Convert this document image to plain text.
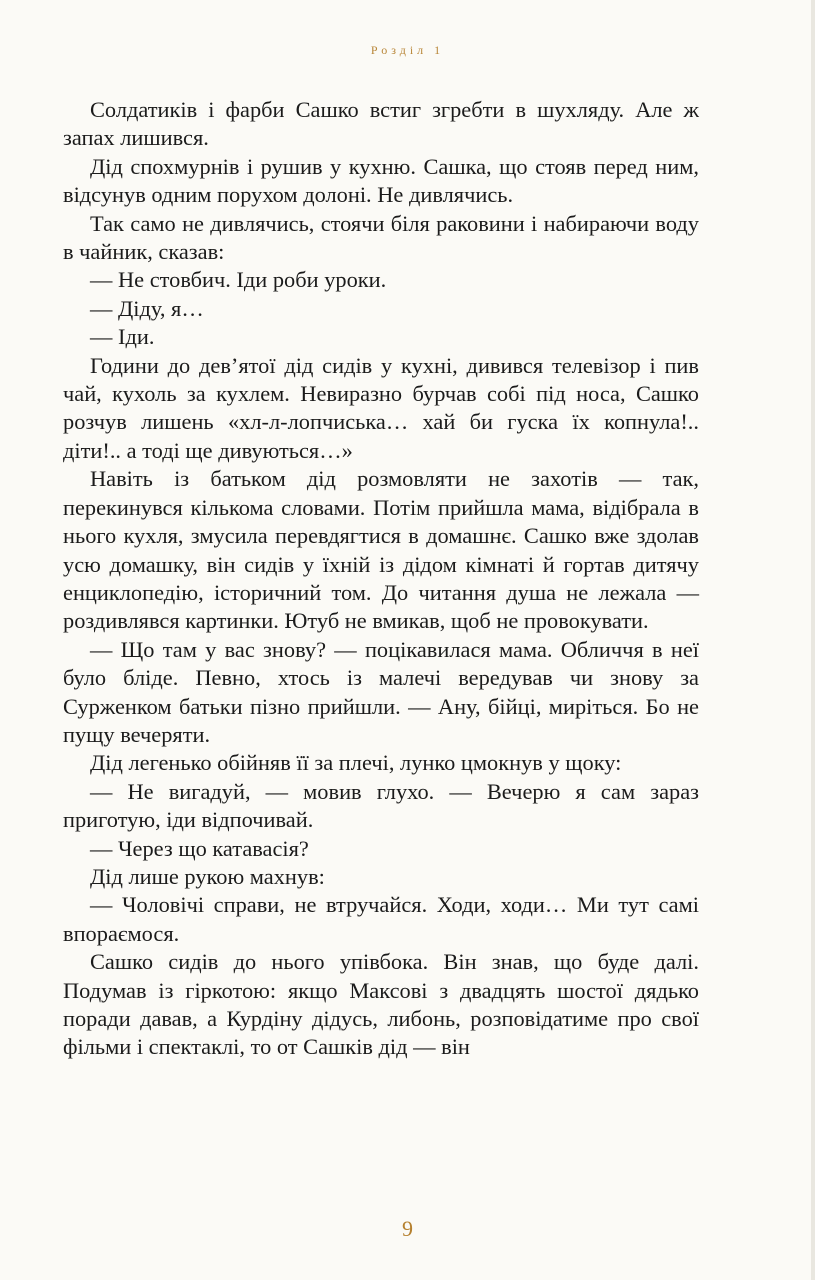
Розділ 1

Солдатиків і фарби Сашко встиг згребти в шухляду. Але ж запах лишився.

Дід спохмурнів і рушив у кухню. Сашка, що стояв перед ним, відсунув одним порухом долоні. Не дивлячись.

Так само не дивлячись, стоячи біля раковини і набираючи воду в чайник, сказав:

— Не стовбич. Іди роби уроки.

— Діду, я…

— Іди.

Години до дев’ятої дід сидів у кухні, дивився телевізор і пив чай, кухоль за кухлем. Невиразно бурчав собі під носа, Сашко розчув лишень «хл-л-лопчиська… хай би гуска їх копнула!.. діти!.. а тоді ще дивуються…»

Навіть із батьком дід розмовляти не захотів — так, перекинувся кількома словами. Потім прийшла мама, відібрала в нього кухля, змусила перевдягтися в домашнє. Сашко вже здолав усю домашку, він сидів у їхній із дідом кімнаті й гортав дитячу енциклопедію, історичний том. До читання душа не лежала — роздивлявся картинки. Ютуб не вмикав, щоб не провокувати.

— Що там у вас знову? — поцікавилася мама. Обличчя в неї було бліде. Певно, хтось із малечі вередував чи знову за Сурженком батьки пізно прийшли. — Ану, бійці, миріться. Бо не пущу вечеряти.

Дід легенько обійняв її за плечі, лунко цмокнув у щоку:

— Не вигадуй, — мовив глухо. — Вечерю я сам зараз приготую, іди відпочивай.

— Через що катавасія?

Дід лише рукою махнув:

— Чоловічі справи, не втручайся. Ходи, ходи… Ми тут самі впораємося.

Сашко сидів до нього упівбока. Він знав, що буде далі. Подумав із гіркотою: якщо Максові з двадцять шостої дядько поради давав, а Курдіну дідусь, либонь, розповідатиме про свої фільми і спектаклі, то от Сашків дід — він

9
